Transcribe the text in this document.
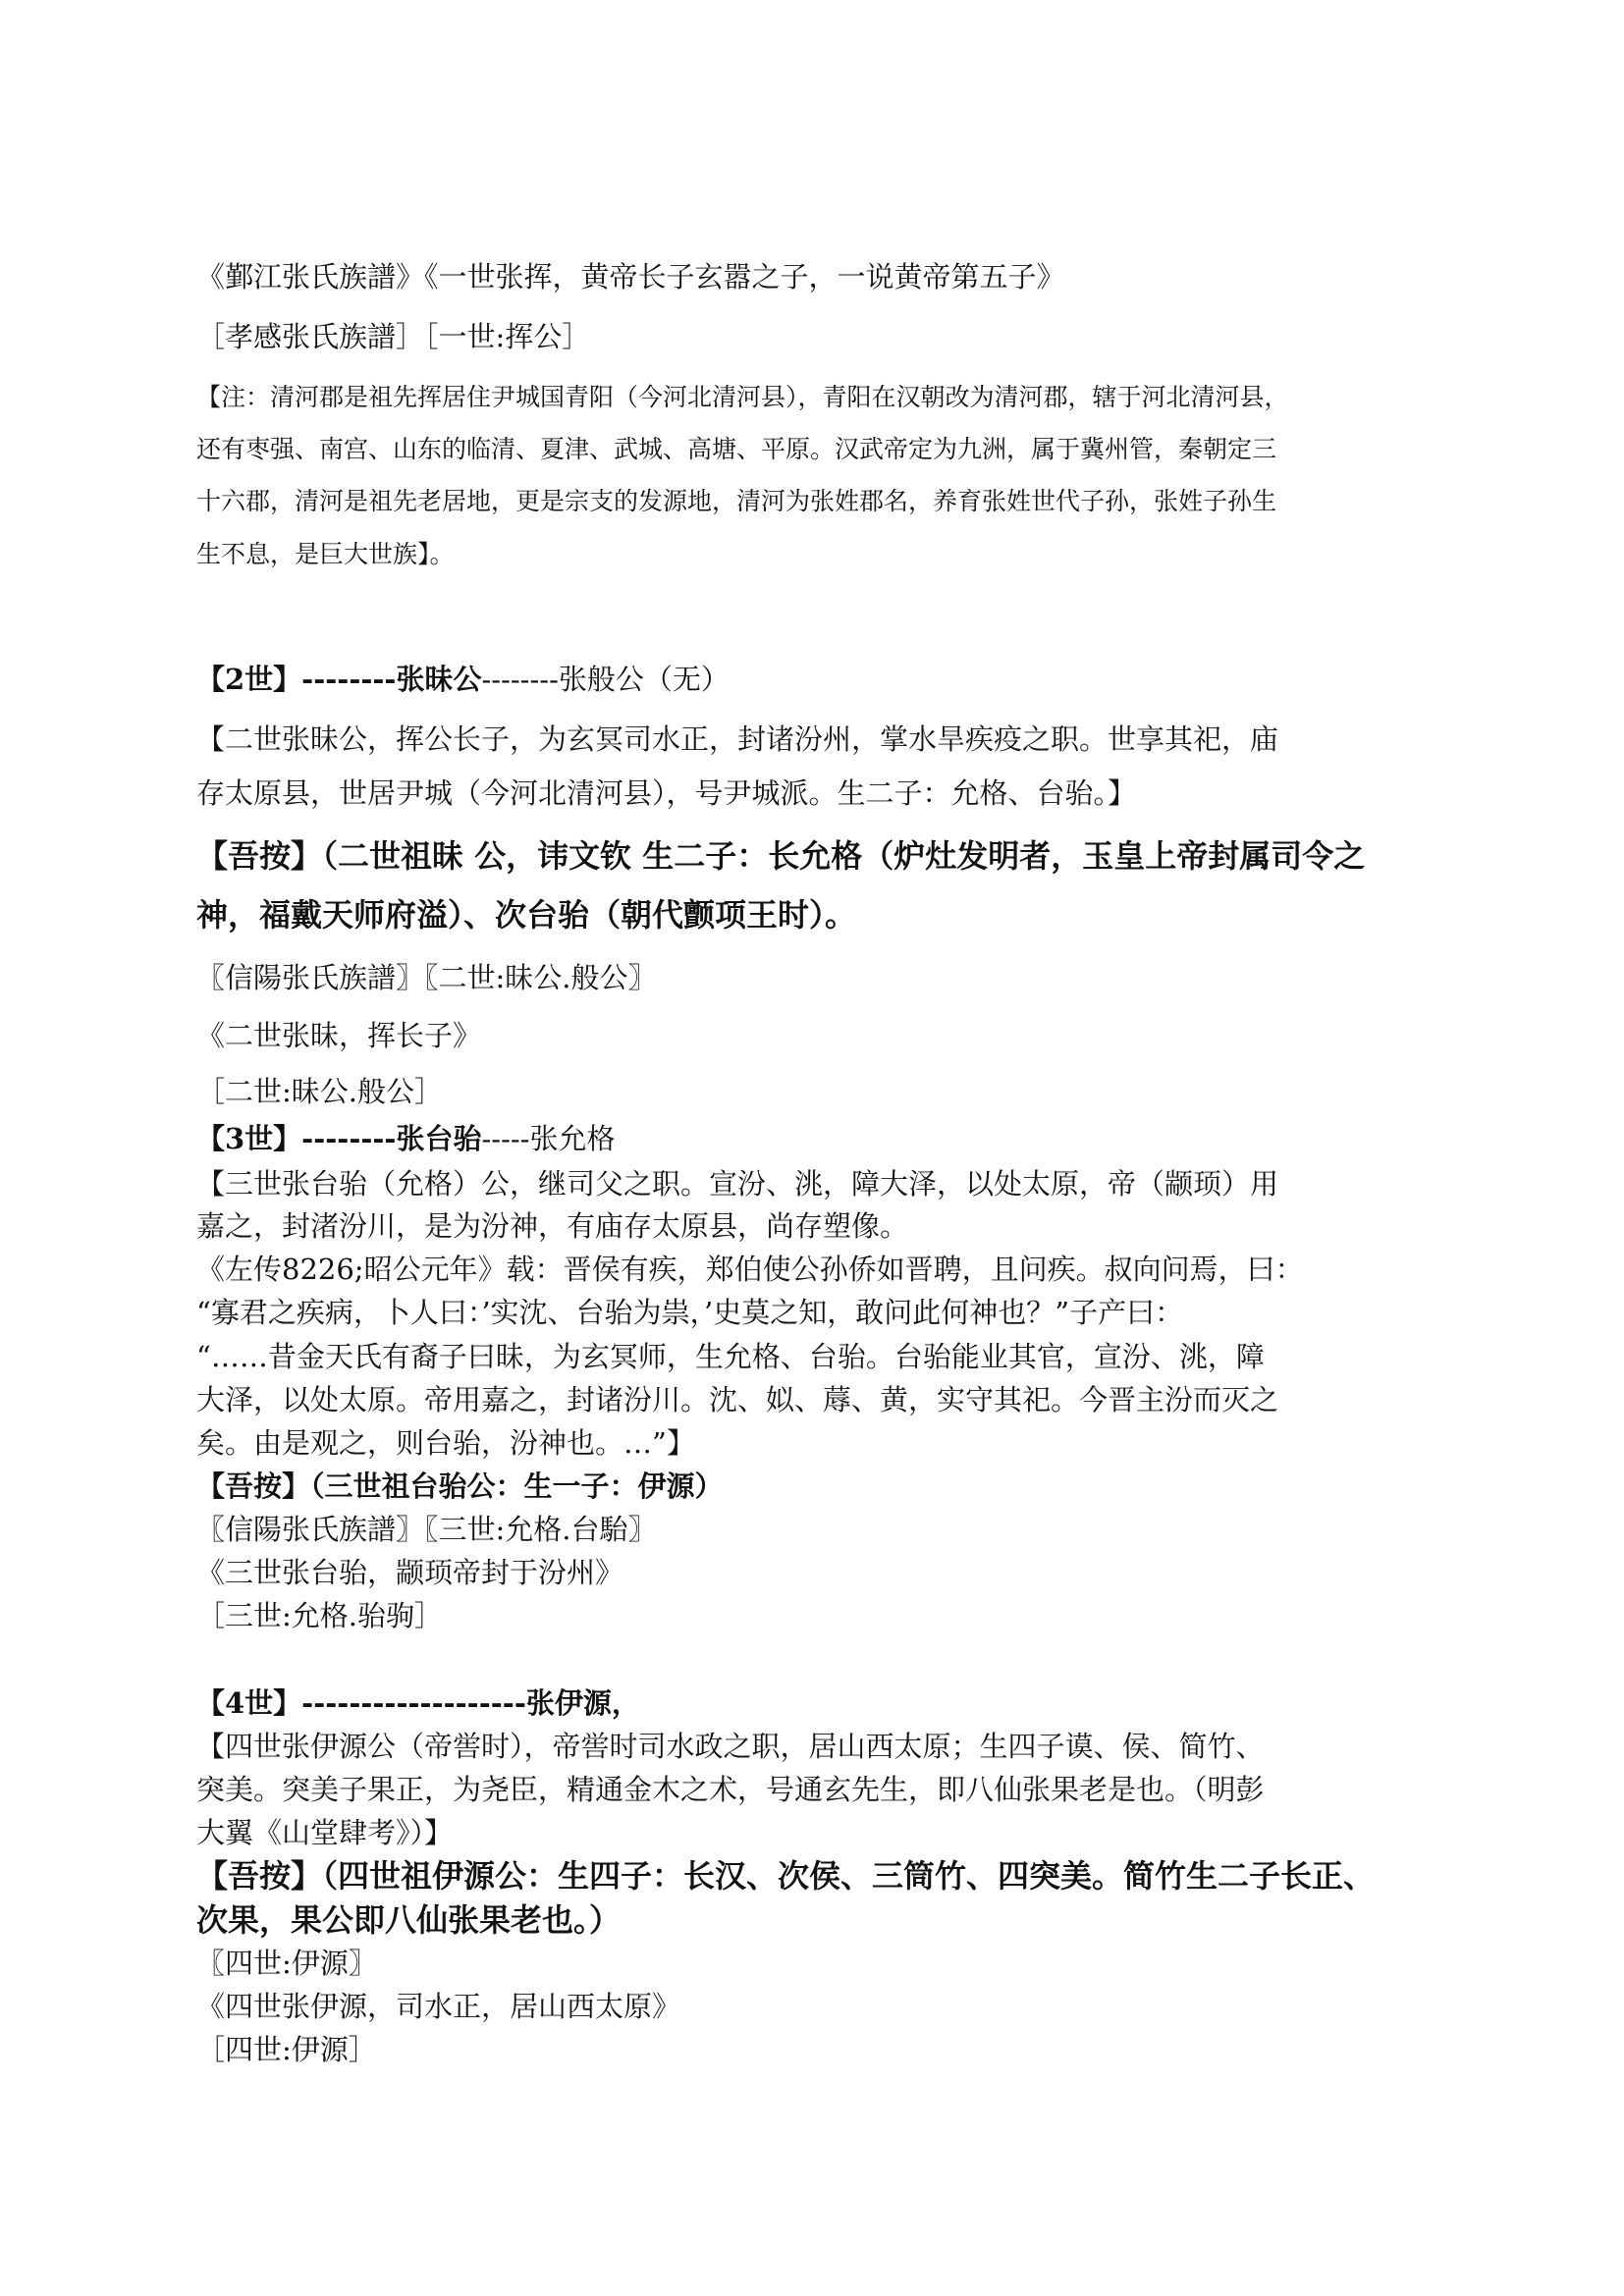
《鄞江张氏族譜》《一世张挥，黄帝长子玄嚣之子，一说黄帝第五子》
［孝感张氏族譜］［一世:挥公］
【注：清河郡是祖先挥居住尹城国青阳（今河北清河县），青阳在汉朝改为清河郡，辖于河北清河县，
还有枣强、南宫、山东的临清、夏津、武城、高塘、平原。汉武帝定为九洲，属于冀州管，秦朝定三
十六郡，清河是祖先老居地，更是宗支的发源地，清河为张姓郡名，养育张姓世代子孙，张姓子孙生
生不息，是巨大世族】。
【2世】--------张昧公--------张般公（无）
【二世张昧公，挥公长子，为玄冥司水正，封诸汾州，掌水旱疾疫之职。世享其祀，庙
存太原县，世居尹城（今河北清河县），号尹城派。生二子：允格、台骀。】
【吾按】（二世祖昧 公，讳文钦 生二子：长允格（炉灶发明者，玉皇上帝封属司令之
神，福戴天师府溢）、次台骀（朝代颤项王时）。
〖信陽张氏族譜〗〖二世:昧公.般公〗
《二世张昧，挥长子》
［二世:昧公.般公］
【3世】--------张台骀-----张允格
【三世张台骀（允格）公，继司父之职。宣汾、洮，障大泽，以处太原，帝（颛顼）用
嘉之，封渚汾川，是为汾神，有庙存太原县，尚存塑像。
《左传8226;昭公元年》载：晋侯有疾，郑伯使公孙侨如晋聘，且问疾。叔向问焉，曰：
“寡君之疾病，卜人曰：’实沈、台骀为祟，’史莫之知，敢问此何神也？”子产曰：
“……昔金天氏有裔子曰昧，为玄冥师，生允格、台骀。台骀能业其官，宣汾、洮，障
大泽，以处太原。帝用嘉之，封诸汾川。沈、姒、蓐、黄，实守其祀。今晋主汾而灭之
矣。由是观之，则台骀，汾神也。…”】
【吾按】（三世祖台骀公：生一子：伊源）
〖信陽张氏族譜〗〖三世:允格.台駘〗
《三世张台骀，颛顼帝封于汾州》
［三世:允格.骀驹］
【4世】-------------------张伊源，
【四世张伊源公（帝喾时），帝喾时司水政之职，居山西太原；生四子谟、侯、简竹、
突美。突美子果正，为尧臣，精通金木之术，号通玄先生，即八仙张果老是也。（明彭
大翼《山堂肆考》）】
【吾按】（四世祖伊源公：生四子：长汉、次侯、三筒竹、四突美。简竹生二子长正、
次果，果公即八仙张果老也。）
〖四世:伊源〗
《四世张伊源，司水正，居山西太原》
［四世:伊源］
